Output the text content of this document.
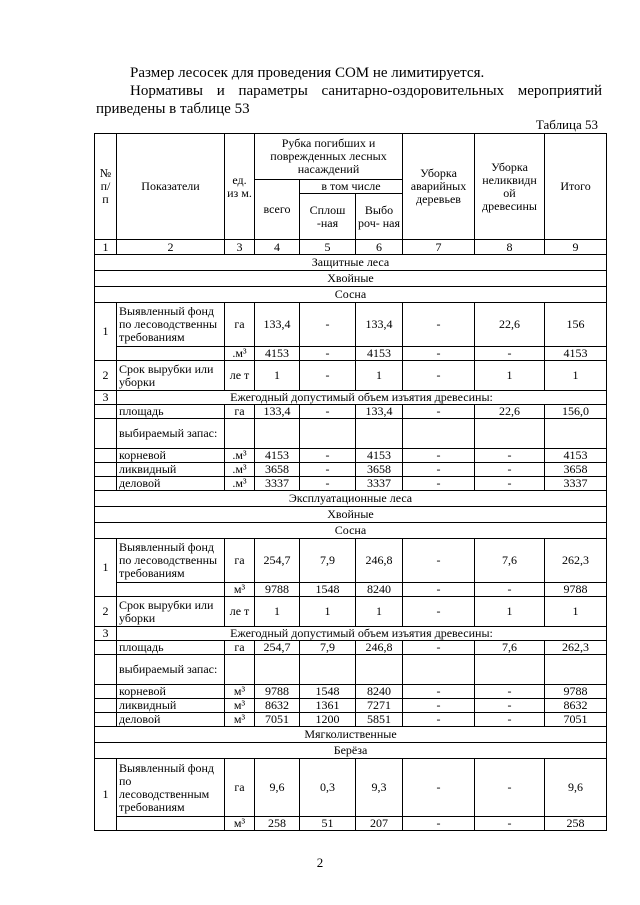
Размер лесосек для проведения СОМ не лимитируется.

Нормативы и параметры санитарно-оздоровительных мероприятий

приведены в таблице 53

Таблица 53
№ п/ п	Показатели	ед. из м.	Рубка погибших и поврежденных лесных насаждений			Уборка аварийных деревьев	Уборка неликвидн ой древесины	Итого
			всего	в том числе				
				Сплош -ная	Выбо роч- ная			
1	2	3	4	5	6	7	8	9
Защитные леса								
Хвойные								
Сосна								
1	Выявленный фонд по лесоводственны требованиям	га	133,4	-	133,4	-	22,6	156
		.м³	4153	-	4153	-	-	4153
2	Срок вырубки или уборки	ле т	1	-	1	-	1	1
3	Ежегодный допустимый объем изъятия древесины:							
	площадь	га	133,4	-	133,4	-	22,6	156,0
	выбираемый запас:							
	корневой	.м³	4153	-	4153	-	-	4153
	ликвидный	.м³	3658	-	3658	-	-	3658
	деловой	.м³	3337	-	3337	-	-	3337
Эксплуатационные леса								
Хвойные								
Сосна								
1	Выявленный фонд по лесоводственны требованиям	га	254,7	7,9	246,8	-	7,6	262,3
		м³	9788	1548	8240	-	-	9788
2	Срок вырубки или уборки	ле т	1	1	1	-	1	1
3	Ежегодный допустимый объем изъятия древесины:							
	площадь	га	254,7	7,9	246,8	-	7,6	262,3
	выбираемый запас:							
	корневой	м³	9788	1548	8240	-	-	9788
	ликвидный	м³	8632	1361	7271	-	-	8632
	деловой	м³	7051	1200	5851	-	-	7051
Мягколиственные								
Берёза								
1	Выявленный фонд по лесоводственным требованиям	га	9,6	0,3	9,3	-	-	9,6
		м³	258	51	207	-	-	258
2
